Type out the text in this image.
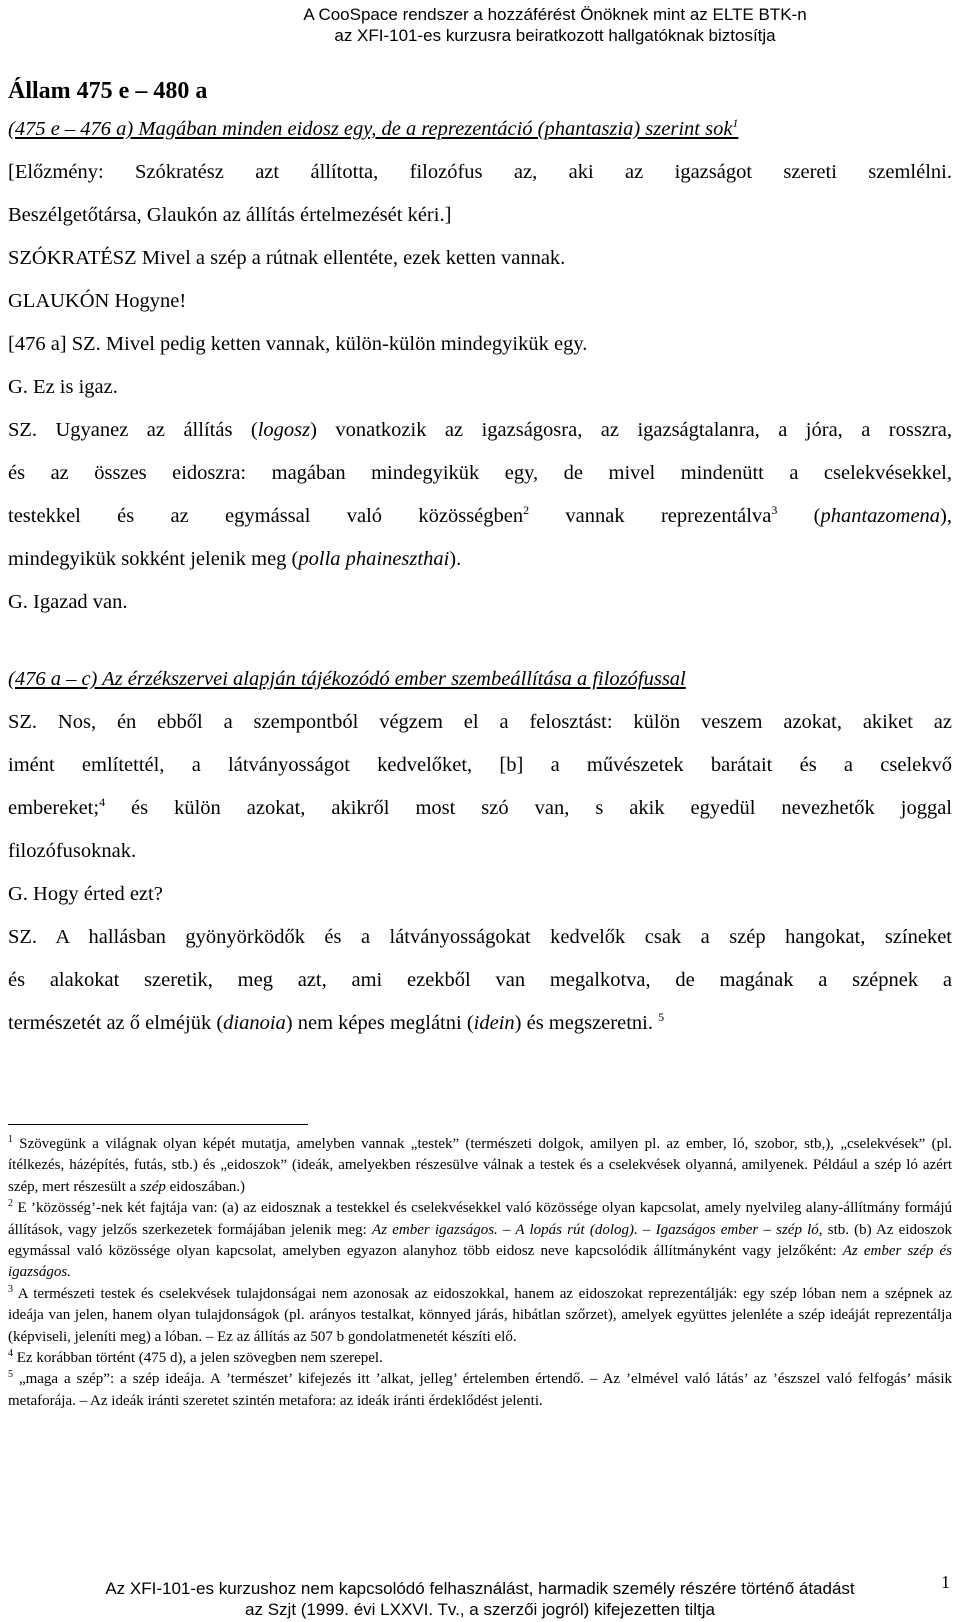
A CooSpace rendszer a hozzáférést Önöknek mint az ELTE BTK-n
az XFI-101-es kurzusra beiratkozott hallgatóknak biztosítja
Állam 475 e – 480 a

(475 e – 476 a) Magában minden eidosz egy, de a reprezentáció (phantaszia) szerint sok$^1$

[Előzmény: Szókratész azt állította, filozófus az, aki az igazságot szereti szemlélni.

Beszélgetőtársa, Glaukón az állítás értelmezését kéri.]

SZÓKRATÉSZ Mivel a szép a rútnak ellentéte, ezek ketten vannak.

GLAUKÓN Hogyne!

[476 a] SZ. Mivel pedig ketten vannak, külön-külön mindegyikük egy.

G. Ez is igaz.

SZ. Ugyanez az állítás (logosz) vonatkozik az igazságosra, az igazságtalanra, a jóra, a rosszra,

és az összes eidoszra: magában mindegyikük egy, de mivel mindenütt a cselekvésekkel,

testekkel és az egymással való közösségben$^2$ vannak reprezentálva$^3$ (phantazomena),

mindegyikük sokként jelenik meg (polla phaineszthai).

G. Igazad van.

(476 a – c) Az érzékszervei alapján tájékozódó ember szembeállítása a filozófussal

SZ. Nos, én ebből a szempontból végzem el a felosztást: külön veszem azokat, akiket az

imént említettél, a látványosságot kedvelőket, [b] a művészetek barátait és a cselekvő

embereket;$^4$ és külön azokat, akikről most szó van, s akik egyedül nevezhetők joggal

filozófusoknak.

G. Hogy érted ezt?

SZ. A hallásban gyönyörködők és a látványosságokat kedvelők csak a szép hangokat, színeket

és alakokat szeretik, meg azt, ami ezekből van megalkotva, de magának a szépnek a

természetét az ő elméjük (dianoia) nem képes meglátni (idein) és megszeretni. $^5$

$^1$ Szövegünk a világnak olyan képét mutatja, amelyben vannak „testek” (természeti dolgok, amilyen pl. az ember, ló, szobor, stb,), „cselekvések” (pl. ítélkezés, házépítés, futás, stb.) és „eidoszok” (ideák, amelyekben részesülve válnak a testek és a cselekvések olyanná, amilyenek. Például a szép ló azért szép, mert részesült a szép eidoszában.)

$^2$ E ’közösség’-nek két fajtája van: (a) az eidosznak a testekkel és cselekvésekkel való közössége olyan kapcsolat, amely nyelvileg alany-állítmány formájú állítások, vagy jelzős szerkezetek formájában jelenik meg: Az ember igazságos. – A lopás rút (dolog). – Igazságos ember – szép ló, stb. (b) Az eidoszok egymással való közössége olyan kapcsolat, amelyben egyazon alanyhoz több eidosz neve kapcsolódik állítmányként vagy jelzőként: Az ember szép és igazságos.

$^3$ A természeti testek és cselekvések tulajdonságai nem azonosak az eidoszokkal, hanem az eidoszokat reprezentálják: egy szép lóban nem a szépnek az ideája van jelen, hanem olyan tulajdonságok (pl. arányos testalkat, könnyed járás, hibátlan szőrzet), amelyek együttes jelenléte a szép ideáját reprezentálja (képviseli, jeleníti meg) a lóban. – Ez az állítás az 507 b gondolatmenetét készíti elő.

$^4$ Ez korábban történt (475 d), a jelen szövegben nem szerepel.

$^5$ „maga a szép”: a szép ideája. A ’természet’ kifejezés itt ’alkat, jelleg’ értelemben értendő. – Az ’elmével való látás’ az ’észszel való felfogás’ másik metaforája. – Az ideák iránti szeretet szintén metafora: az ideák iránti érdeklődést jelenti.

1
Az XFI-101-es kurzushoz nem kapcsolódó felhasználást, harmadik személy részére történő átadást
az Szjt (1999. évi LXXVI. Tv., a szerzői jogról) kifejezetten tiltja
